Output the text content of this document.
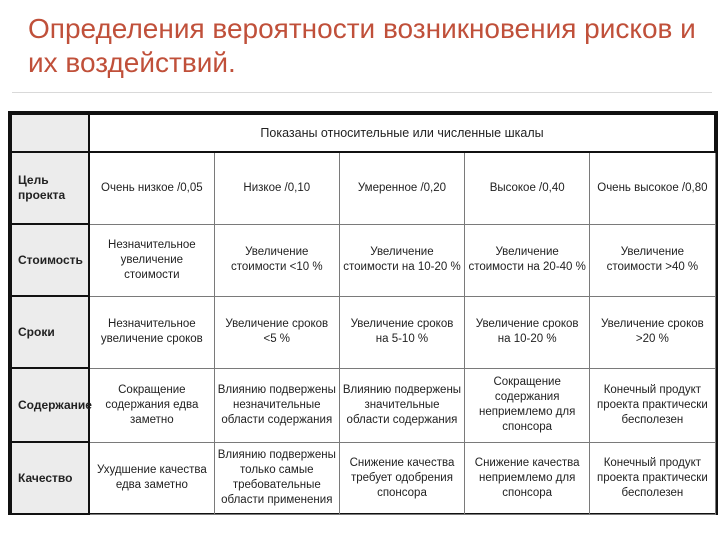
Определения вероятности возникновения рисков и их воздействий.
	Показаны относительные или численные шкалы				
Цель проекта	Очень низкое /0,05	Низкое /0,10	Умеренное /0,20	Высокое /0,40	Очень высокое /0,80
Стоимость	Незначительное увеличение стоимости	Увеличение стоимости <10 %	Увеличение стоимости на 10-20 %	Увеличение стоимости на 20-40 %	Увеличение стоимости >40 %
Сроки	Незначительное увеличение сроков	Увеличение сроков <5 %	Увеличение сроков на 5-10 %	Увеличение сроков на 10-20 %	Увеличение сроков >20 %
Содержание	Сокращение содержания едва заметно	Влиянию подвержены незначительные области содержания	Влиянию подвержены значительные области содержания	Сокращение содержания неприемлемо для спонсора	Конечный продукт проекта практически бесполезен
Качество	Ухудшение качества едва заметно	Влиянию подвержены только самые требовательные области применения	Снижение качества требует одобрения спонсора	Снижение качества неприемлемо для спонсора	Конечный продукт проекта практически бесполезен
